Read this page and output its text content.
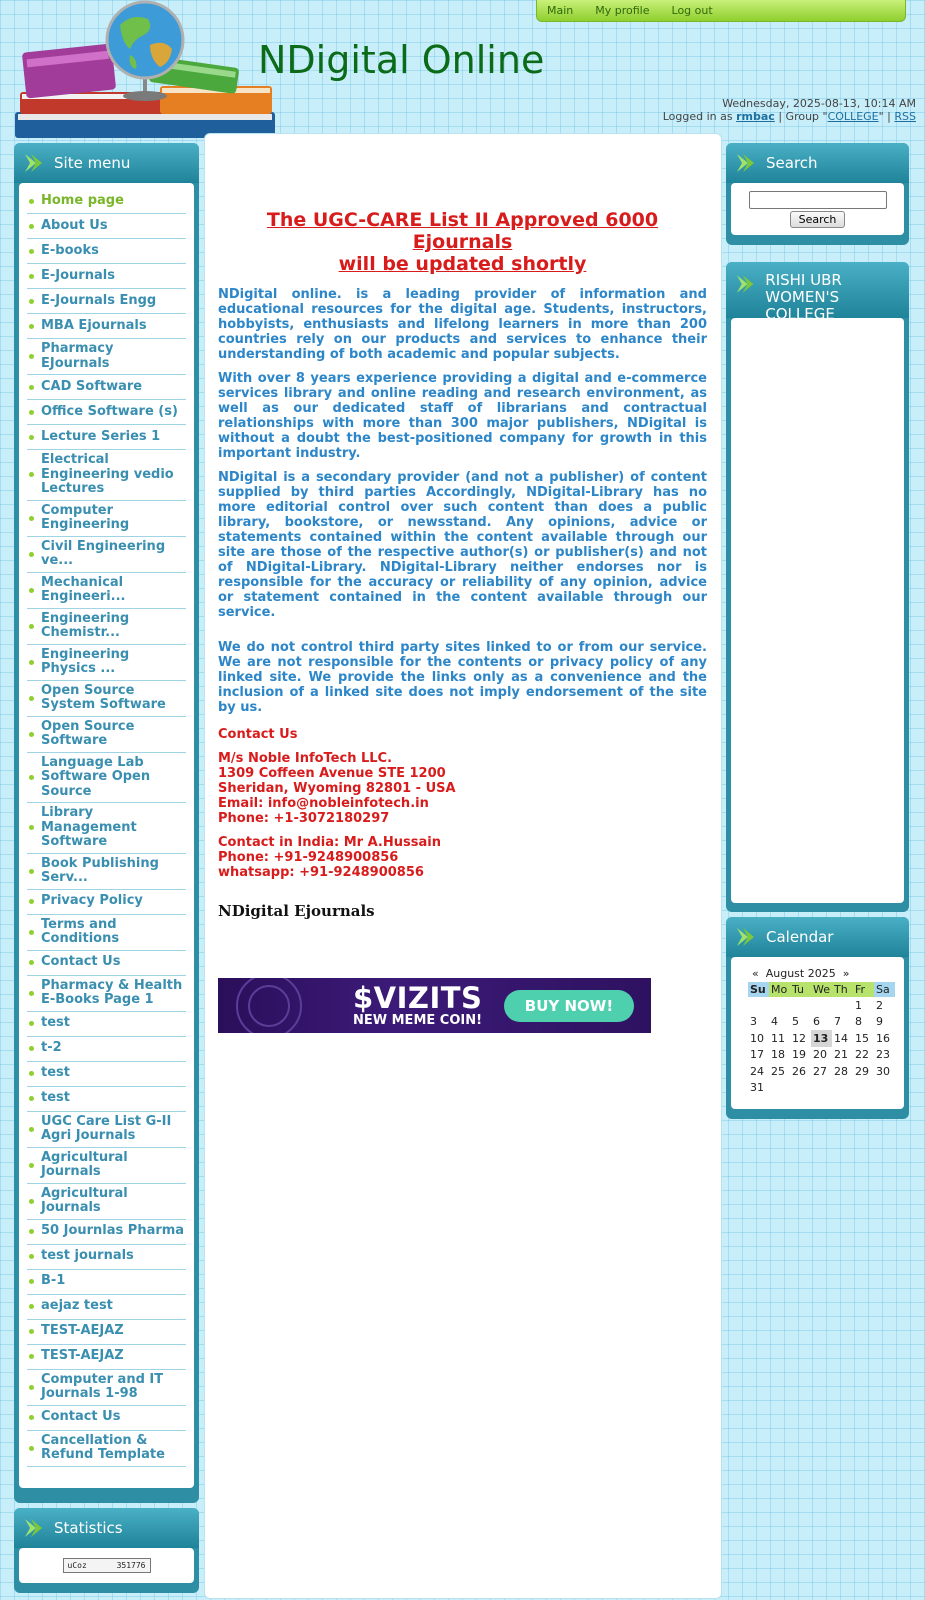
Main My profile Log out
NDigital Online
Wednesday, 2025-08-13, 10:14 AM
Logged in as rmbac | Group "COLLEGE" | RSS
Site menu
Home page
About Us
E-books
E-Journals
E-Journals Engg
MBA Ejournals
Pharmacy EJournals
CAD Software
Office Software (s)
Lecture Series 1
Electrical Engineering vedio Lectures
Computer Engineering
Civil Engineering ve...
Mechanical Engineeri...
Engineering Chemistr...
Engineering Physics ...
Open Source System Software
Open Source Software
Language Lab Software Open Source
Library Management Software
Book Publishing Serv...
Privacy Policy
Terms and Conditions
Contact Us
Pharmacy & Health E-Books Page 1
test
t-2
test
test
UGC Care List G-II Agri Journals
Agricultural Journals
Agricultural Journals
50 Journlas Pharma
test journals
B-1
aejaz test
TEST-AEJAZ
TEST-AEJAZ
Computer and IT Journals 1-98
Contact Us
Cancellation & Refund Template
Statistics
uCoz	351776
The UGC-CARE List II Approved 6000 Ejournals
will be updated shortly

NDigital online. is a leading provider of information and educational resources for the digital age. Students, instructors, hobbyists, enthusiasts and lifelong learners in more than 200 countries rely on our products and services to enhance their understanding of both academic and popular subjects.

With over 8 years experience providing a digital and e-commerce services library and online reading and research environment, as well as our dedicated staff of librarians and contractual relationships with more than 300 major publishers, NDigital is without a doubt the best-positioned company for growth in this important industry.

NDigital is a secondary provider (and not a publisher) of content supplied by third parties Accordingly, NDigital-Library has no more editorial control over such content than does a public library, bookstore, or newsstand. Any opinions, advice or statements contained within the content available through our site are those of the respective author(s) or publisher(s) and not of NDigital-Library. NDigital-Library neither endorses nor is responsible for the accuracy or reliability of any opinion, advice or statement contained in the content available through our service.

We do not control third party sites linked to or from our service. We are not responsible for the contents or privacy policy of any linked site. We provide the links only as a convenience and the inclusion of a linked site does not imply endorsement of the site by us.

Contact Us
M/s Noble InfoTech LLC.
1309 Coffeen Avenue STE 1200
Sheridan, Wyoming 82801 - USA
Email: info@nobleinfotech.in
Phone: +1-3072180297
Contact in India: Mr A.Hussain
Phone: +91-9248900856
whatsapp: +91-9248900856
NDigital Ejournals
$VIZITS
NEW MEME COIN!
BUY NOW!
Search
Search
RISHI UBR
WOMEN'S COLLEGE
Calendar
« August 2025 »
Su	Mo	Tu	We	Th	Fr	Sa
					1	2
3	4	5	6	7	8	9
10	11	12	13	14	15	16
17	18	19	20	21	22	23
24	25	26	27	28	29	30
31						
